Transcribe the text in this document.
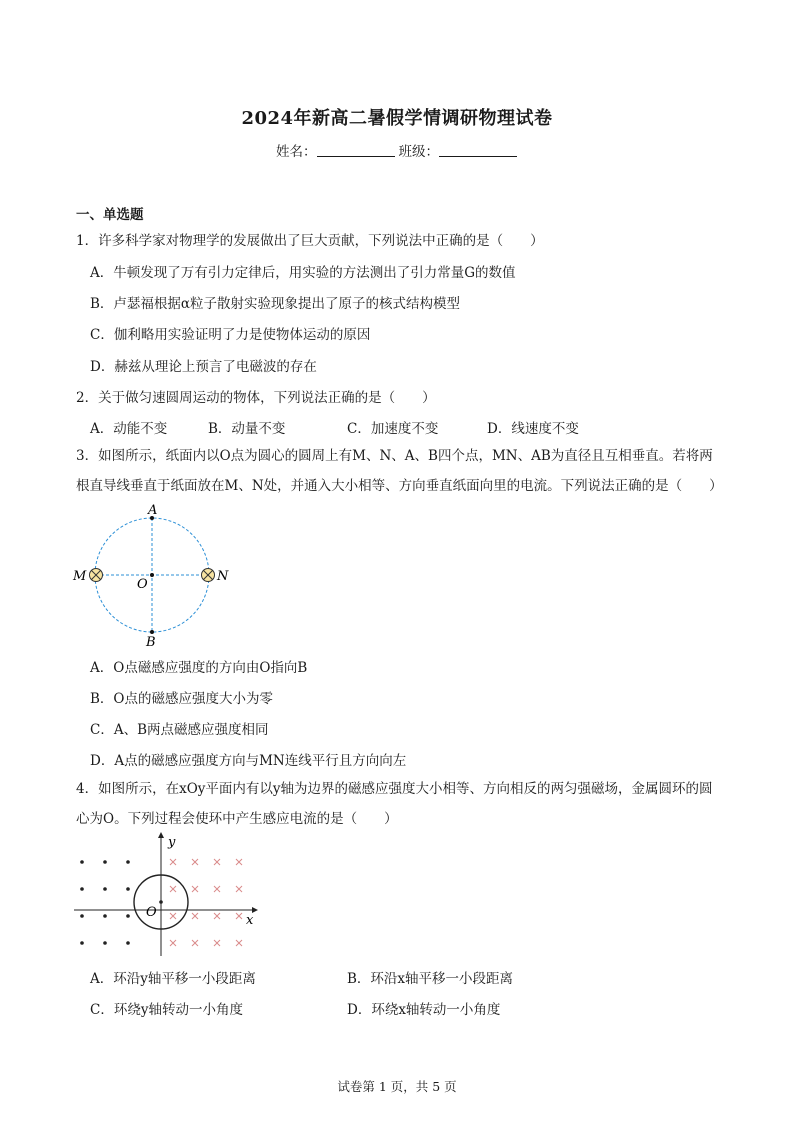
2024年新高二暑假学情调研物理试卷
姓名：	班级：
一、单选题
1．许多科学家对物理学的发展做出了巨大贡献，下列说法中正确的是（　　）
A．牛顿发现了万有引力定律后，用实验的方法测出了引力常量G的数值
B．卢瑟福根据α粒子散射实验现象提出了原子的核式结构模型
C．伽利略用实验证明了力是使物体运动的原因
D．赫兹从理论上预言了电磁波的存在
2．关于做匀速圆周运动的物体，下列说法正确的是（　　）
A．动能不变	B．动量不变	C．加速度不变	D．线速度不变
3．如图所示，纸面内以O点为圆心的圆周上有M、N、A、B四个点，MN、AB为直径且互相垂直。若将两根直导线垂直于纸面放在M、N处，并通入大小相等、方向垂直纸面向里的电流。下列说法正确的是（　　）
A
B
M	N
O
A．O点磁感应强度的方向由O指向B
B．O点的磁感应强度大小为零
C．A、B两点磁感应强度相同
D．A点的磁感应强度方向与MN连线平行且方向向左
4．如图所示，在xOy平面内有以y轴为边界的磁感应强度大小相等、方向相反的两匀强磁场，金属圆环的圆心为O。下列过程会使环中产生感应电流的是（　　）
y
x
O
A．环沿y轴平移一小段距离	B．环沿x轴平移一小段距离
C．环绕y轴转动一小角度	D．环绕x轴转动一小角度
试卷第 1 页，共 5 页
